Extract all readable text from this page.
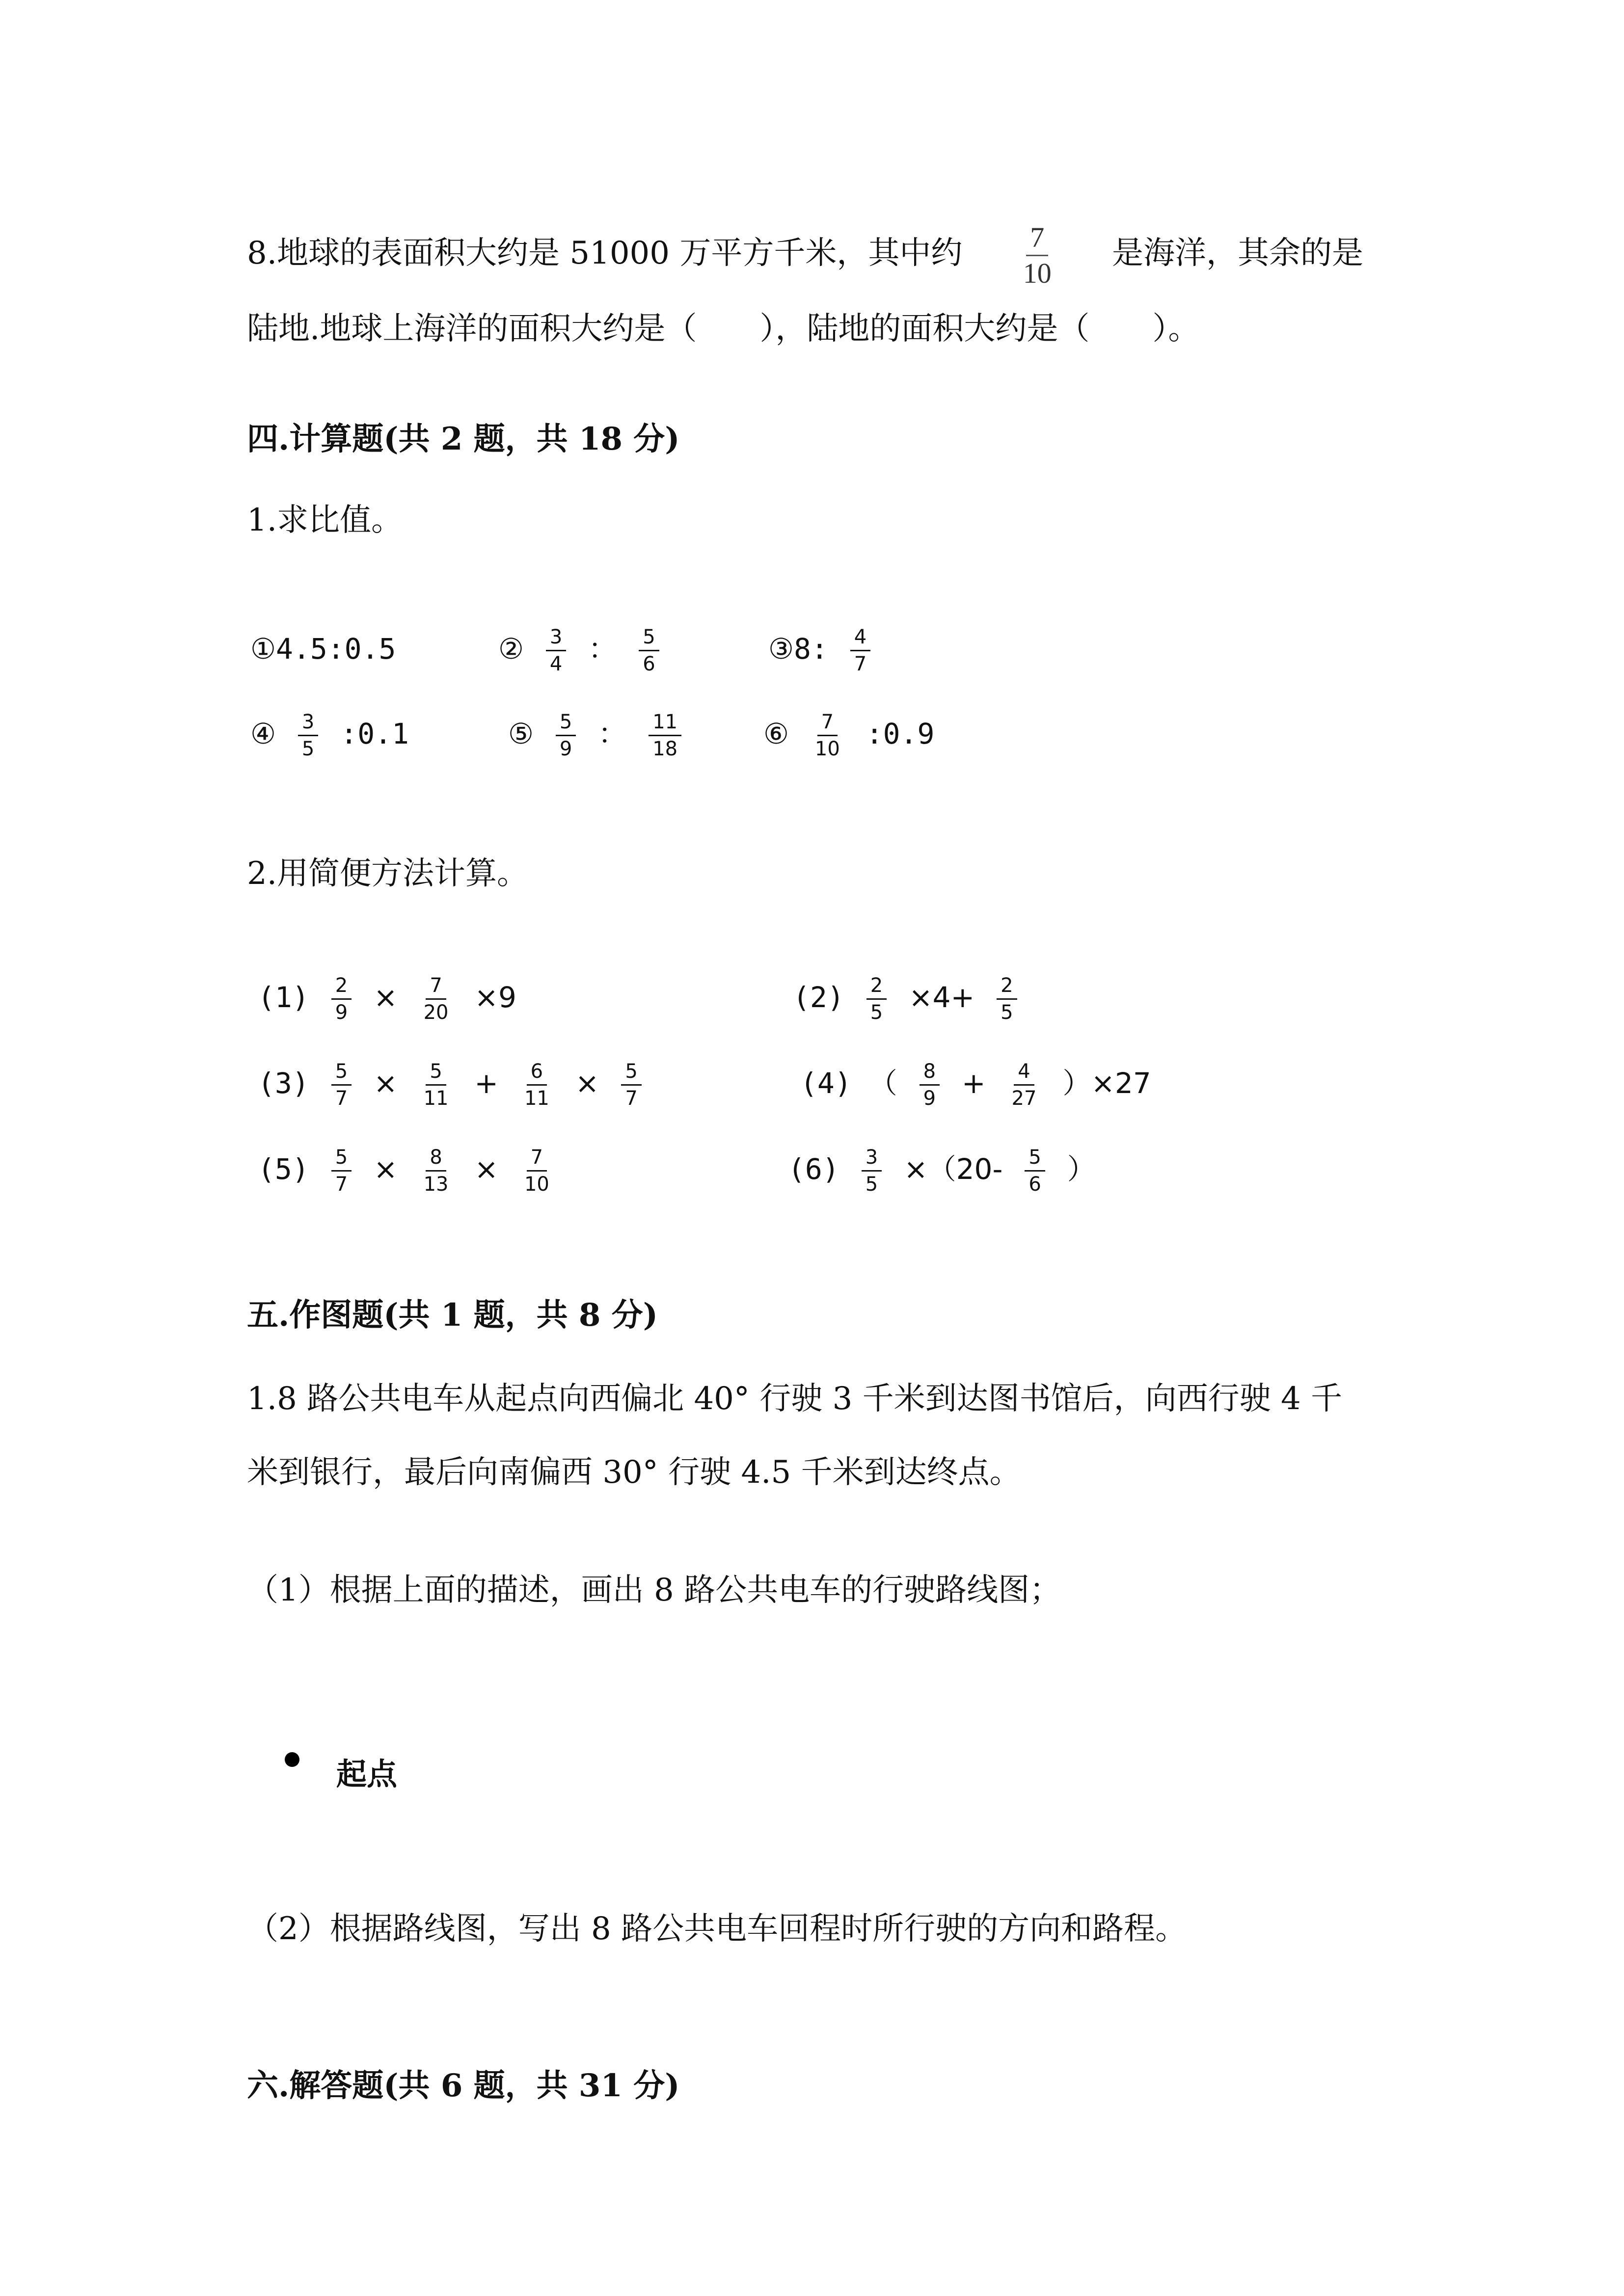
8.地球的表面积大约是 51000 万平方千米，其中约 $\frac{7}{10}$ 是海洋，其余的是
陆地.地球上海洋的面积大约是（　　），陆地的面积大约是（　　）。
四.计算题(共 2 题，共 18 分)
1.求比值。
①4.5:0.5	② $\frac{3}{4}$ ： $\frac{5}{6}$	③8: $\frac{4}{7}$
④ $\frac{3}{5}$ :0.1	⑤ $\frac{5}{9}$ ： $\frac{11}{18}$	⑥ $\frac{7}{10}$ :0.9
2.用简便方法计算。
$(1) \frac{2}{9} \times \frac{7}{20} \times 9$	$(2) \frac{2}{5} \times 4+ \frac{2}{5}$
$(3) \frac{5}{7} \times \frac{5}{11} + \frac{6}{11} \times \frac{5}{7}$	(4) （ $\frac{8}{9} + \frac{4}{27} )\times 27$
$(5) \frac{5}{7} \times \frac{8}{13} \times \frac{7}{10}$	$(6) \frac{3}{5} \times(20- \frac{5}{6}$ ）
五.作图题(共 1 题，共 8 分)
1.8 路公共电车从起点向西偏北 40° 行驶 3 千米到达图书馆后，向西行驶 4 千
米到银行，最后向南偏西 30° 行驶 4.5 千米到达终点。
（1）根据上面的描述，画出 8 路公共电车的行驶路线图；
起点
（2）根据路线图，写出 8 路公共电车回程时所行驶的方向和路程。
六.解答题(共 6 题，共 31 分)
